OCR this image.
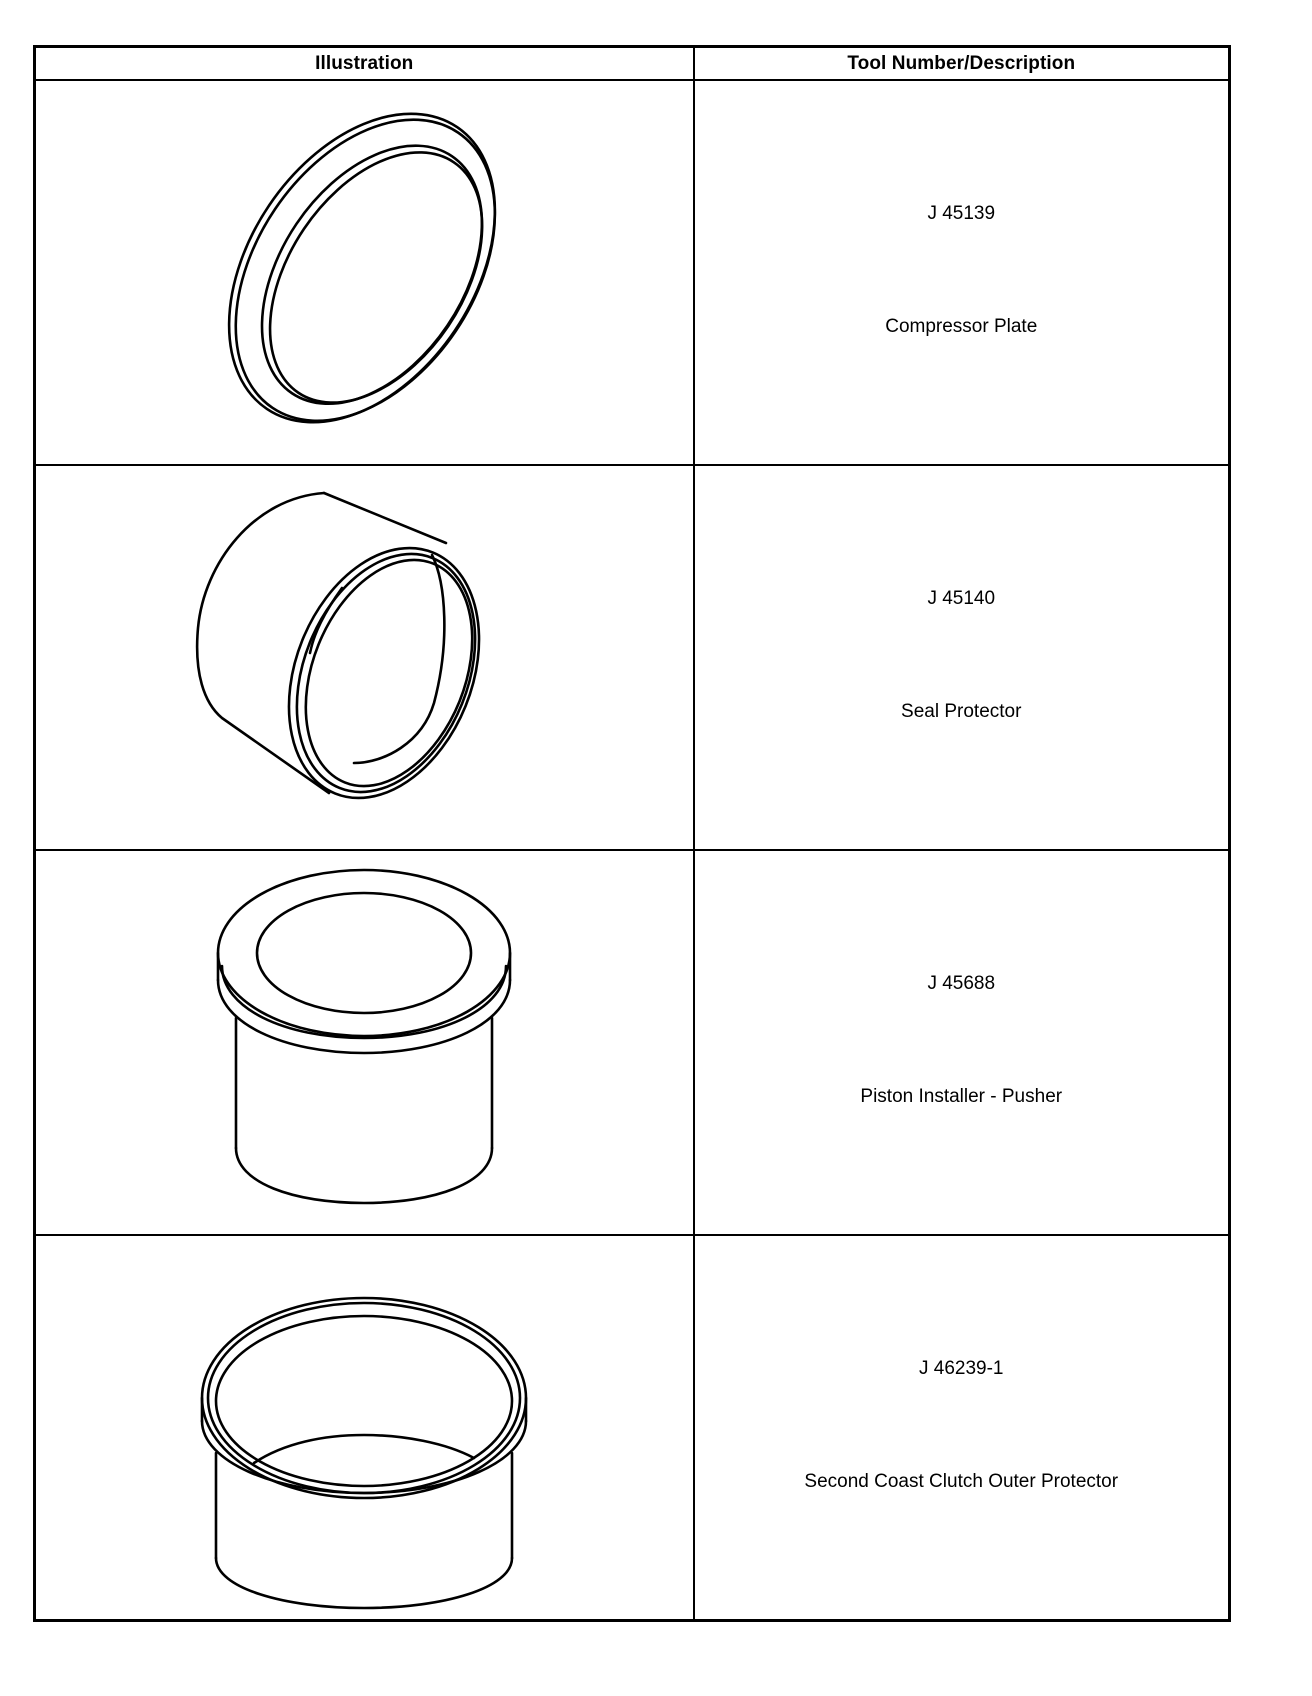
Illustration	Tool Number/Description

J 45139
Compressor Plate

J 45140
Seal Protector

J 45688
Piston Installer - Pusher

J 46239-1
Second Coast Clutch Outer Protector
